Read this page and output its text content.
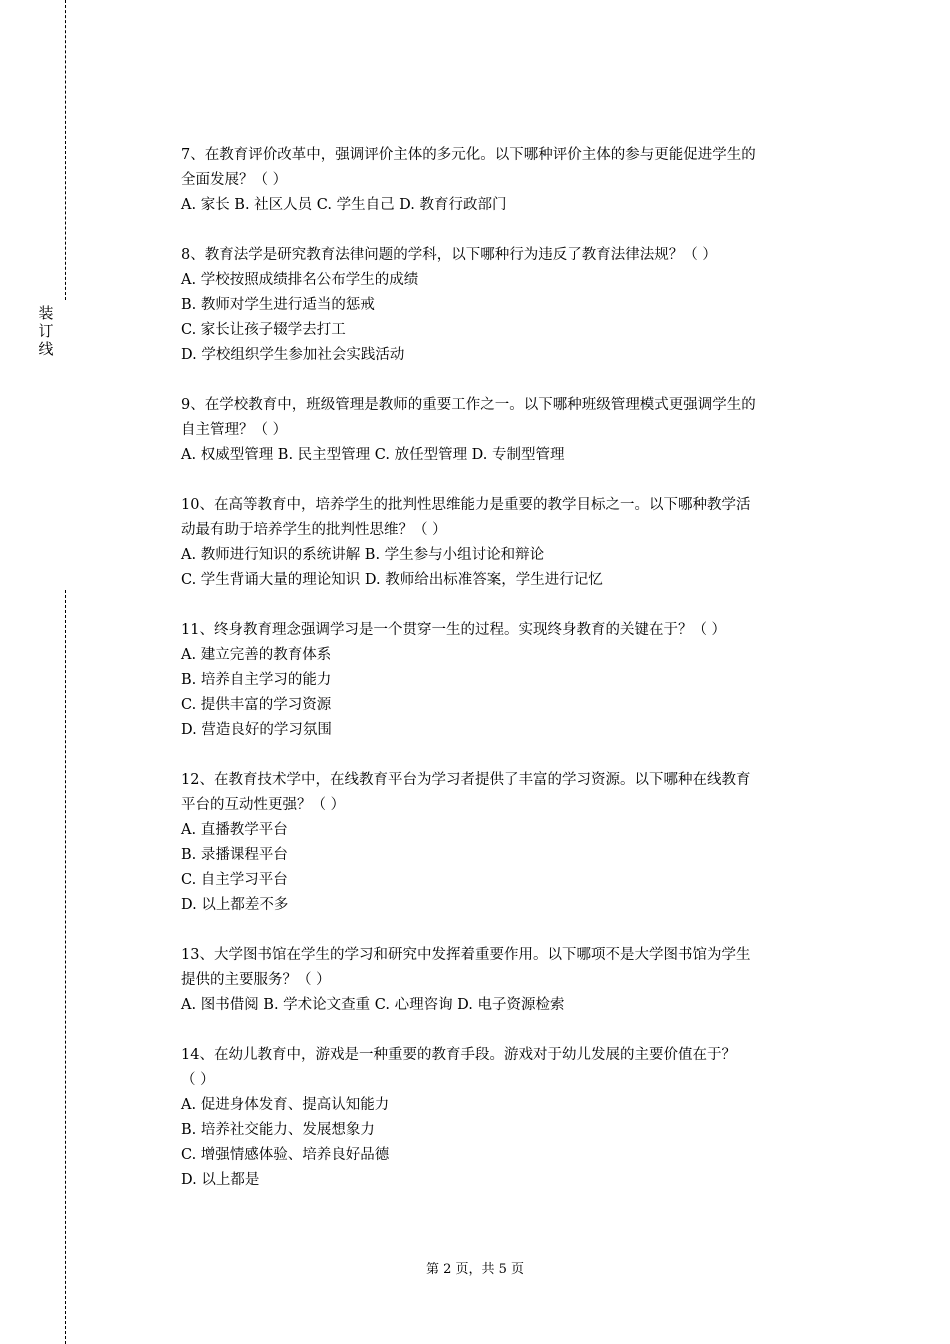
装
订
线
7、在教育评价改革中，强调评价主体的多元化。以下哪种评价主体的参与更能促进学生的
全面发展？（ ）
A. 家长 B. 社区人员 C. 学生自己 D. 教育行政部门
8、教育法学是研究教育法律问题的学科，以下哪种行为违反了教育法律法规？（ ）
A. 学校按照成绩排名公布学生的成绩
B. 教师对学生进行适当的惩戒
C. 家长让孩子辍学去打工
D. 学校组织学生参加社会实践活动
9、在学校教育中，班级管理是教师的重要工作之一。以下哪种班级管理模式更强调学生的
自主管理？（ ）
A. 权威型管理 B. 民主型管理 C. 放任型管理 D. 专制型管理
10、在高等教育中，培养学生的批判性思维能力是重要的教学目标之一。以下哪种教学活
动最有助于培养学生的批判性思维？（ ）
A. 教师进行知识的系统讲解 B. 学生参与小组讨论和辩论
C. 学生背诵大量的理论知识 D. 教师给出标准答案，学生进行记忆
11、终身教育理念强调学习是一个贯穿一生的过程。实现终身教育的关键在于？（ ）
A. 建立完善的教育体系
B. 培养自主学习的能力
C. 提供丰富的学习资源
D. 营造良好的学习氛围
12、在教育技术学中，在线教育平台为学习者提供了丰富的学习资源。以下哪种在线教育
平台的互动性更强？（ ）
A. 直播教学平台
B. 录播课程平台
C. 自主学习平台
D. 以上都差不多
13、大学图书馆在学生的学习和研究中发挥着重要作用。以下哪项不是大学图书馆为学生
提供的主要服务？（ ）
A. 图书借阅 B. 学术论文查重 C. 心理咨询 D. 电子资源检索
14、在幼儿教育中，游戏是一种重要的教育手段。游戏对于幼儿发展的主要价值在于？
（ ）
A. 促进身体发育、提高认知能力
B. 培养社交能力、发展想象力
C. 增强情感体验、培养良好品德
D. 以上都是
第 2 页，共 5 页
